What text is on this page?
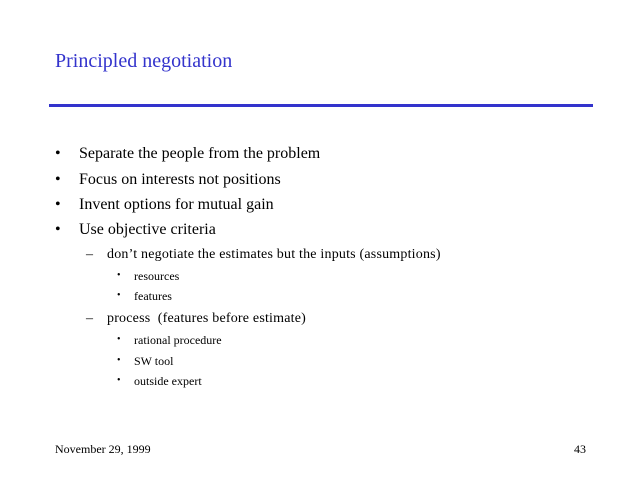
Principled negotiation
• Separate the people from the problem
• Focus on interests not positions
• Invent options for mutual gain
• Use objective criteria
– don’t negotiate the estimates but the inputs (assumptions)
• resources
• features
– process  (features before estimate)
• rational procedure
• SW tool
• outside expert
November 29, 1999	43
